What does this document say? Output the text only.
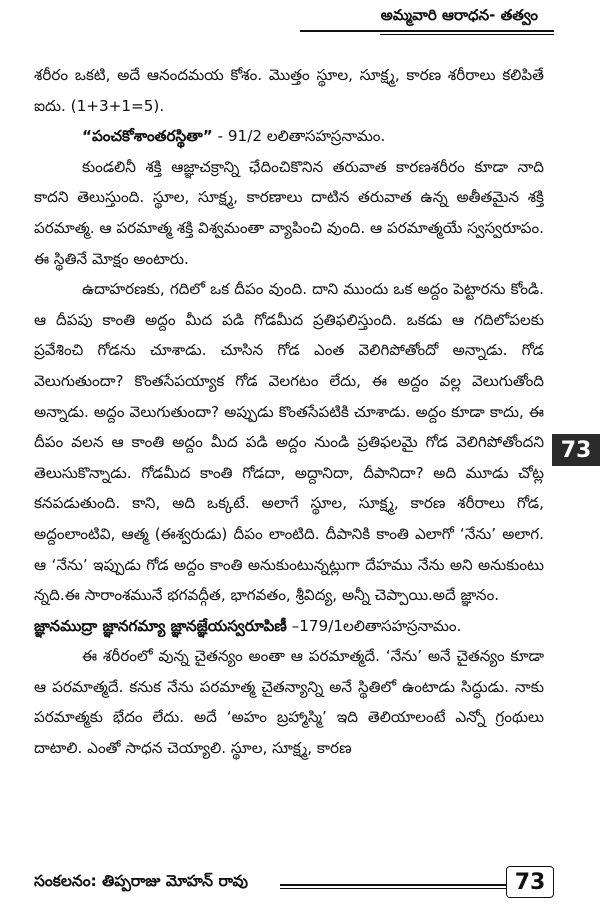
అమ్మవారి ఆరాధన- తత్వం

శరీరం ఒకటి, అదే ఆనందమయ కోశం. మొత్తం స్థూల, సూక్ష్మ, కారణ శరీరాలు కలిపితే ఐదు. (1+3+1=5).

“పంచకోశాంతరస్థితా” - 91/2 లలితాసహస్రనామం.

కుండలినీ శక్తి ఆజ్ఞాచక్రాన్ని ఛేదించికొనిన తరువాత కారణశరీరం కూడా నాది కాదని తెలుస్తుంది. స్థూల, సూక్ష్మ, కారణాలు దాటిన తరువాత ఉన్న అతీతమైన శక్తి పరమాత్మ. ఆ పరమాత్మ శక్తి విశ్వమంతా వ్యాపించి వుంది. ఆ పరమాత్మయే స్వస్వరూపం. ఈ స్థితినే మోక్షం అంటారు.

ఉదాహరణకు, గదిలో ఒక దీపం వుంది. దాని ముందు ఒక అద్దం పెట్టారను కోండి. ఆ దీపపు కాంతి అద్దం మీద పడి గోడమీద ప్రతిఫలిస్తుంది. ఒకడు ఆ గదిలోపలకు ప్రవేశించి గోడను చూశాడు. చూసిన గోడ ఎంత వెలిగిపోతోందో అన్నాడు. గోడ వెలుగుతుందా? కొంతసేపయ్యాక గోడ వెలగటం లేదు, ఈ అద్దం వల్ల వెలుగుతోంది అన్నాడు. అద్దం వెలుగుతుందా? అప్పుడు కొంతసేపటికి చూశాడు. అద్దం కూడా కాదు, ఈ దీపం వలన ఆ కాంతి అద్దం మీద పడి అద్దం నుండి ప్రతిఫలమై గోడ వెలిగిపోతోందని తెలుసుకొన్నాడు. గోడమీద కాంతి గోడదా, అద్దానిదా, దీపానిదా? అది మూడు చోట్ల కనపడుతుంది. కాని, అది ఒక్కటే. అలాగే స్థూల, సూక్ష్మ, కారణ శరీరాలు గోడ, అద్దంలాంటివి, ఆత్మ (ఈశ్వరుడు) దీపం లాంటిది. దీపానికి కాంతి ఎలాగో ‘నేను’ అలాగ. ఆ ‘నేను’ ఇప్పుడు గోడ అద్దం కాంతి అనుకుంటున్నట్లుగా దేహము నేను అని అనుకుంటు న్నది.ఈ సారాంశమునే భగవద్గీత, భాగవతం, శ్రీవిద్య, అన్నీ చెప్పాయి.అదే జ్ఞానం.

జ్ఞానముద్రా జ్ఞానగమ్యా జ్ఞానజ్ఞేయస్వరూపిణీ –179/1లలితాసహస్రనామం.

ఈ శరీరంలో వున్న చైతన్యం అంతా ఆ పరమాత్మదే. ‘నేను’ అనే చైతన్యం కూడా ఆ పరమాత్మదే. కనుక నేను పరమాత్మ చైతన్యాన్ని అనే స్థితిలో ఉంటాడు సిద్ధుడు. నాకు పరమాత్మకు భేదం లేదు. అదే ‘అహం బ్రహ్మాస్మి’ ఇది తెలియాలంటే ఎన్నో గ్రంథులు దాటాలి. ఎంతో సాధన చెయ్యాలి. స్థూల, సూక్ష్మ, కారణ

73
సంకలనం: తిప్పరాజు మోహన్ రావు	73
